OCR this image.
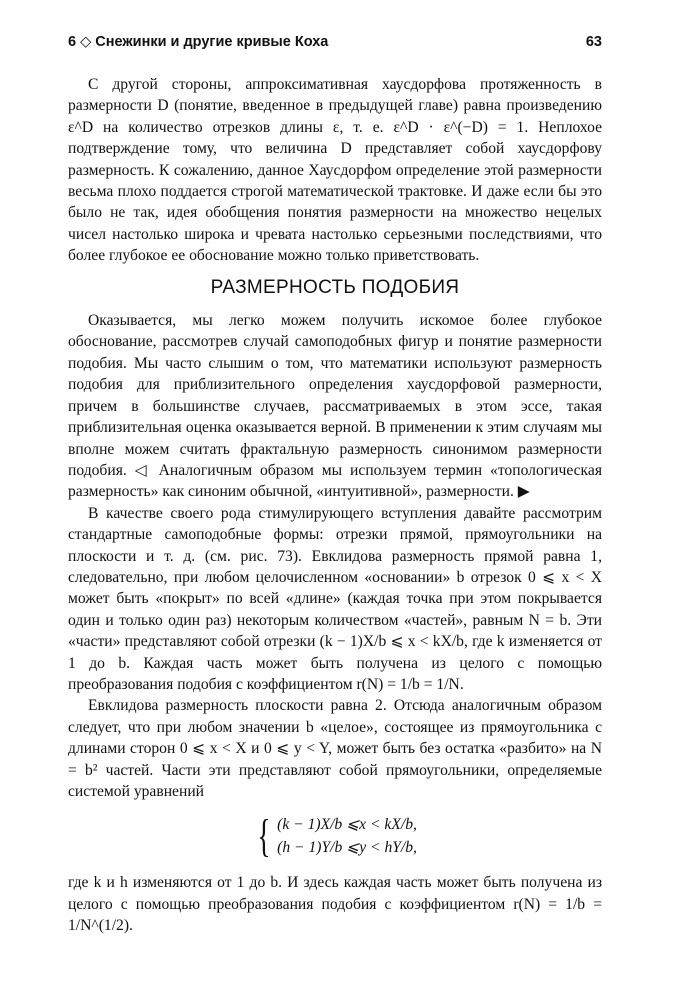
6 ◇ Снежинки и другие кривые Коха	63

С другой стороны, аппроксимативная хаусдорфова протяженность в размерности D (понятие, введенное в предыдущей главе) равна произведению ε^D на количество отрезков длины ε, т. е. ε^D · ε^(−D) = 1. Неплохое подтверждение тому, что величина D представляет собой хаусдорфову размерность. К сожалению, данное Хаусдорфом определение этой размерности весьма плохо поддается строгой математической трактовке. И даже если бы это было не так, идея обобщения понятия размерности на множество нецелых чисел настолько широка и чревата настолько серьезными последствиями, что более глубокое ее обоснование можно только приветствовать.

РАЗМЕРНОСТЬ ПОДОБИЯ

Оказывается, мы легко можем получить искомое более глубокое обоснование, рассмотрев случай самоподобных фигур и понятие размерности подобия. Мы часто слышим о том, что математики используют размерность подобия для приблизительного определения хаусдорфовой размерности, причем в большинстве случаев, рассматриваемых в этом эссе, такая приблизительная оценка оказывается верной. В применении к этим случаям мы вполне можем считать фрактальную размерность синонимом размерности подобия. ◁ Аналогичным образом мы используем термин «топологическая размерность» как синоним обычной, «интуитивной», размерности. ▶

В качестве своего рода стимулирующего вступления давайте рассмотрим стандартные самоподобные формы: отрезки прямой, прямоугольники на плоскости и т. д. (см. рис. 73). Евклидова размерность прямой равна 1, следовательно, при любом целочисленном «основании» b отрезок 0 ⩽ x < X может быть «покрыт» по всей «длине» (каждая точка при этом покрывается один и только один раз) некоторым количеством «частей», равным N = b. Эти «части» представляют собой отрезки (k − 1)X/b ⩽ x < kX/b, где k изменяется от 1 до b. Каждая часть может быть получена из целого с помощью преобразования подобия с коэффициентом r(N) = 1/b = 1/N.

Евклидова размерность плоскости равна 2. Отсюда аналогичным образом следует, что при любом значении b «целое», состоящее из прямоугольника с длинами сторон 0 ⩽ x < X и 0 ⩽ y < Y, может быть без остатка «разбито» на N = b² частей. Части эти представляют собой прямоугольники, определяемые системой уравнений

{ (k − 1)X/b ⩽x < kX/b,
(h − 1)Y/b ⩽y < hY/b,

где k и h изменяются от 1 до b. И здесь каждая часть может быть получена из целого с помощью преобразования подобия с коэффициентом r(N) = 1/b = 1/N^(1/2).
